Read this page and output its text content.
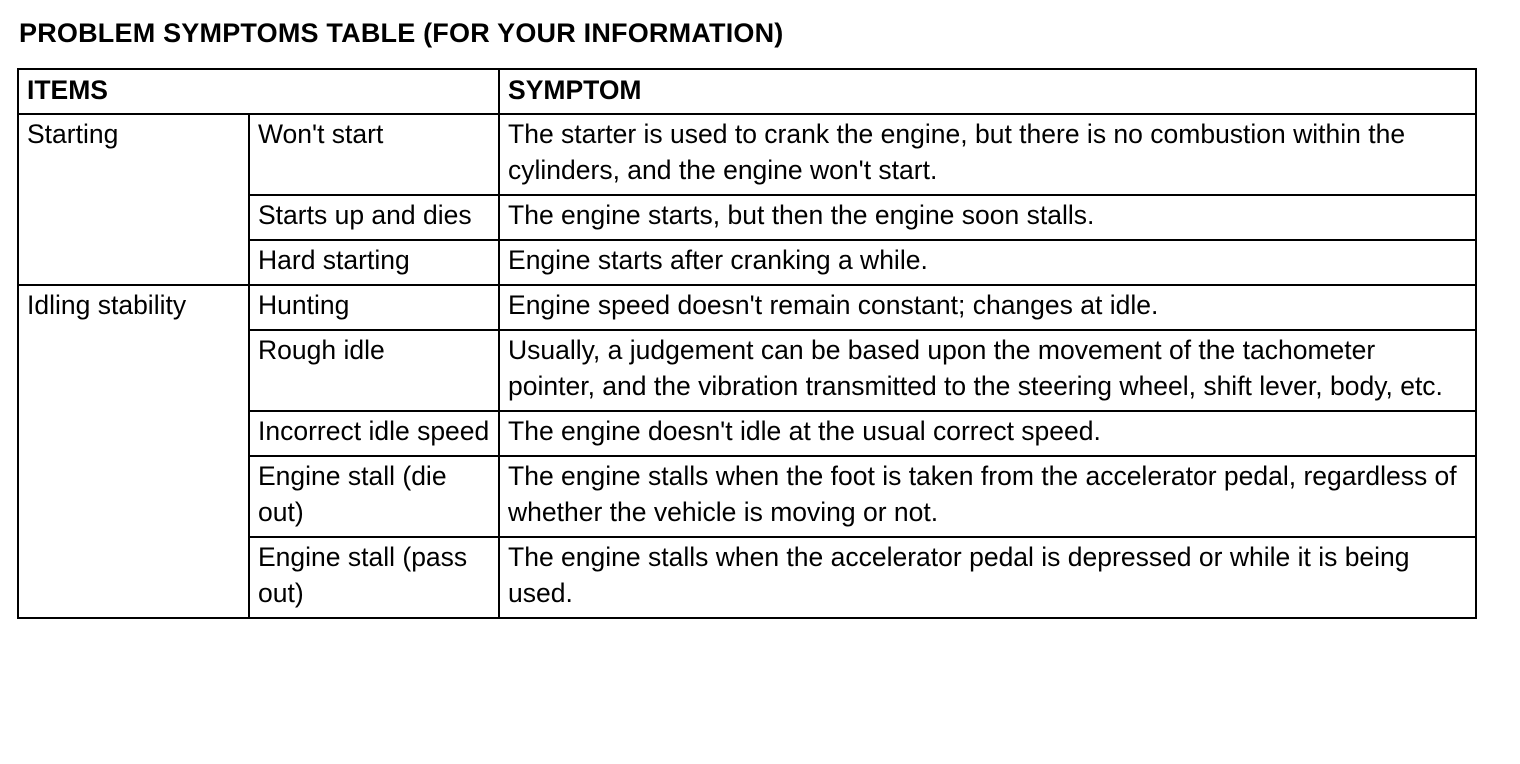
PROBLEM SYMPTOMS TABLE (FOR YOUR INFORMATION)
ITEMS		SYMPTOM
Starting	Won't start	The starter is used to crank the engine, but there is no combustion within the cylinders, and the engine won't start.
	Starts up and dies	The engine starts, but then the engine soon stalls.
	Hard starting	Engine starts after cranking a while.
Idling stability	Hunting	Engine speed doesn't remain constant; changes at idle.
	Rough idle	Usually, a judgement can be based upon the movement of the tachometer pointer, and the vibration transmitted to the steering wheel, shift lever, body, etc.
	Incorrect idle speed	The engine doesn't idle at the usual correct speed.
	Engine stall (die out)	The engine stalls when the foot is taken from the accelerator pedal, regardless of whether the vehicle is moving or not.
	Engine stall (pass out)	The engine stalls when the accelerator pedal is depressed or while it is being used.
